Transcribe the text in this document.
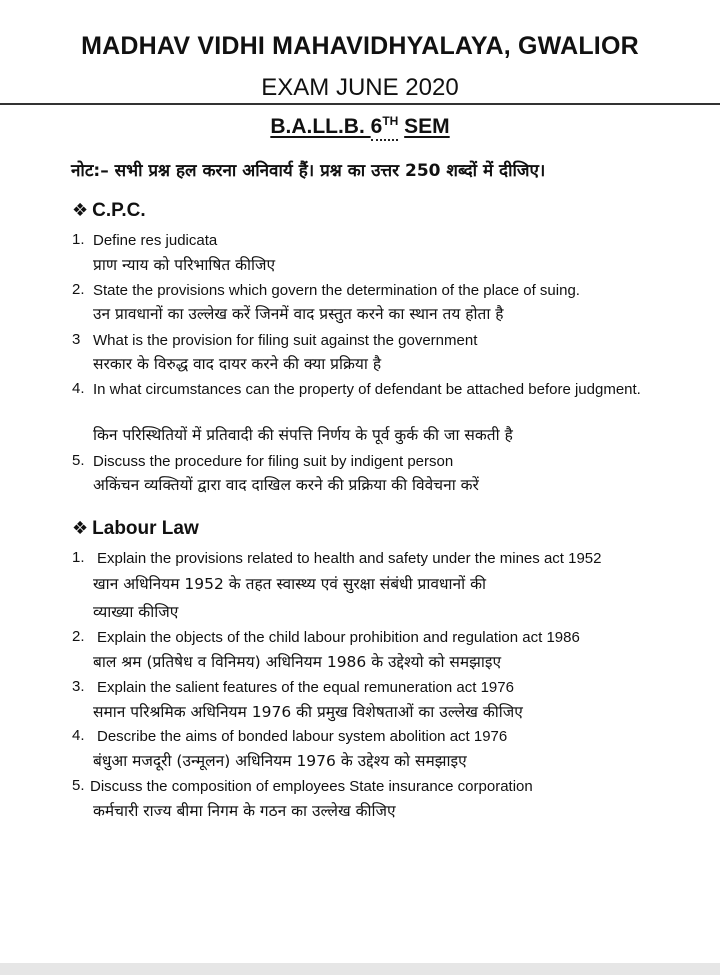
MADHAV VIDHI MAHAVIDHYALAYA, GWALIOR
EXAM JUNE 2020
B.A.LL.B. 6TH SEM
नोट:– सभी प्रश्न हल करना अनिवार्य हैं। प्रश्न का उत्तर 250 शब्दों में दीजिए।
❖ C.P.C.
1. Define res judicata
प्राण न्याय को परिभाषित कीजिए
2. State the provisions which govern the determination of the place of suing.
उन प्रावधानों का उल्लेख करें जिनमें वाद प्रस्तुत करने का स्थान तय होता है
3 What is the provision for filing suit against the government
सरकार के विरुद्ध वाद दायर करने की क्या प्रक्रिया है
4. In what circumstances can the property of defendant be attached before judgment.
किन परिस्थितियों में प्रतिवादी की संपत्ति निर्णय के पूर्व कुर्क की जा सकती है
5. Discuss the procedure for filing suit by indigent person
अकिंचन व्यक्तियों द्वारा वाद दाखिल करने की प्रक्रिया की विवेचना करें
❖ Labour Law
1. Explain the provisions related to health and safety under the mines act 1952
खान अधिनियम 1952 के तहत स्वास्थ्य एवं सुरक्षा संबंधी प्रावधानों की
व्याख्या कीजिए
2. Explain the objects of the child labour prohibition and regulation act 1986
बाल श्रम (प्रतिषेध व विनिमय) अधिनियम 1986 के उद्देश्यो को समझाइए
3. Explain the salient features of the equal remuneration act 1976
समान परिश्रमिक अधिनियम 1976 की प्रमुख विशेषताओं का उल्लेख कीजिए
4. Describe the aims of bonded labour system abolition act 1976
बंधुआ मजदूरी (उन्मूलन) अधिनियम 1976 के उद्देश्य को समझाइए
5. Discuss the composition of employees State insurance corporation
कर्मचारी राज्य बीमा निगम के गठन का उल्लेख कीजिए
